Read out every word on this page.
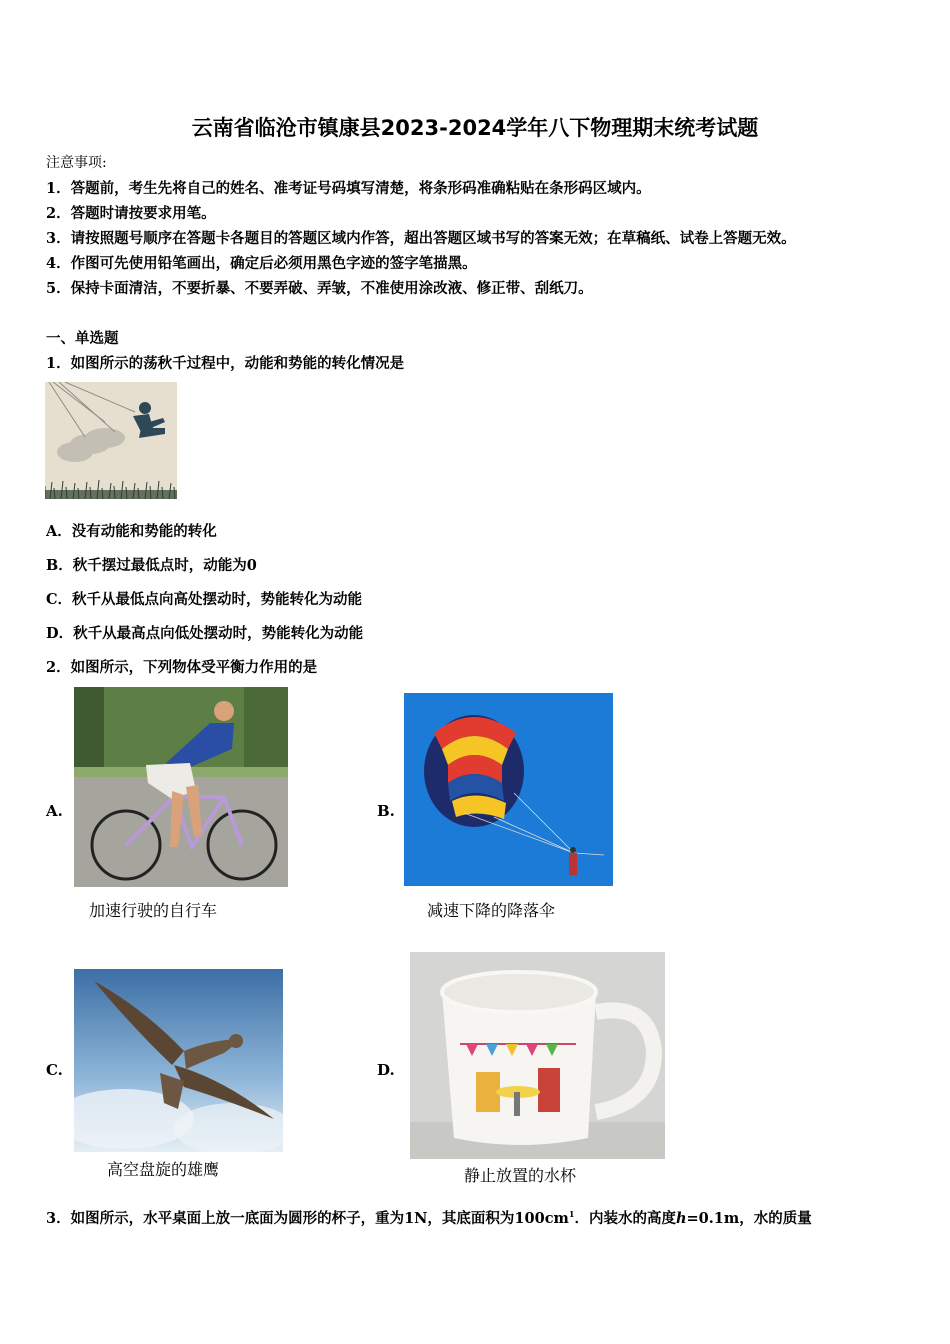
云南省临沧市镇康县2023-2024学年八下物理期末统考试题
注意事项:
1．答题前，考生先将自己的姓名、准考证号码填写清楚，将条形码准确粘贴在条形码区域内。
2．答题时请按要求用笔。
3．请按照题号顺序在答题卡各题目的答题区域内作答，超出答题区域书写的答案无效；在草稿纸、试卷上答题无效。
4．作图可先使用铅笔画出，确定后必须用黑色字迹的签字笔描黑。
5．保持卡面清洁，不要折暴、不要弄破、弄皱，不准使用涂改液、修正带、刮纸刀。
一、单选题
1．如图所示的荡秋千过程中，动能和势能的转化情况是
A．没有动能和势能的转化
B．秋千摆过最低点时，动能为0
C．秋千从最低点向高处摆动时，势能转化为动能
D．秋千从最高点向低处摆动时，势能转化为动能
2．如图所示，下列物体受平衡力作用的是
A.
加速行驶的自行车
B.
减速下降的降落伞
C.
高空盘旋的雄鹰
D.
静止放置的水杯
3．如图所示，水平桌面上放一底面为圆形的杯子，重为1N，其底面积为$100cm^1$．内装水的高度h=0.1m，水的质量
